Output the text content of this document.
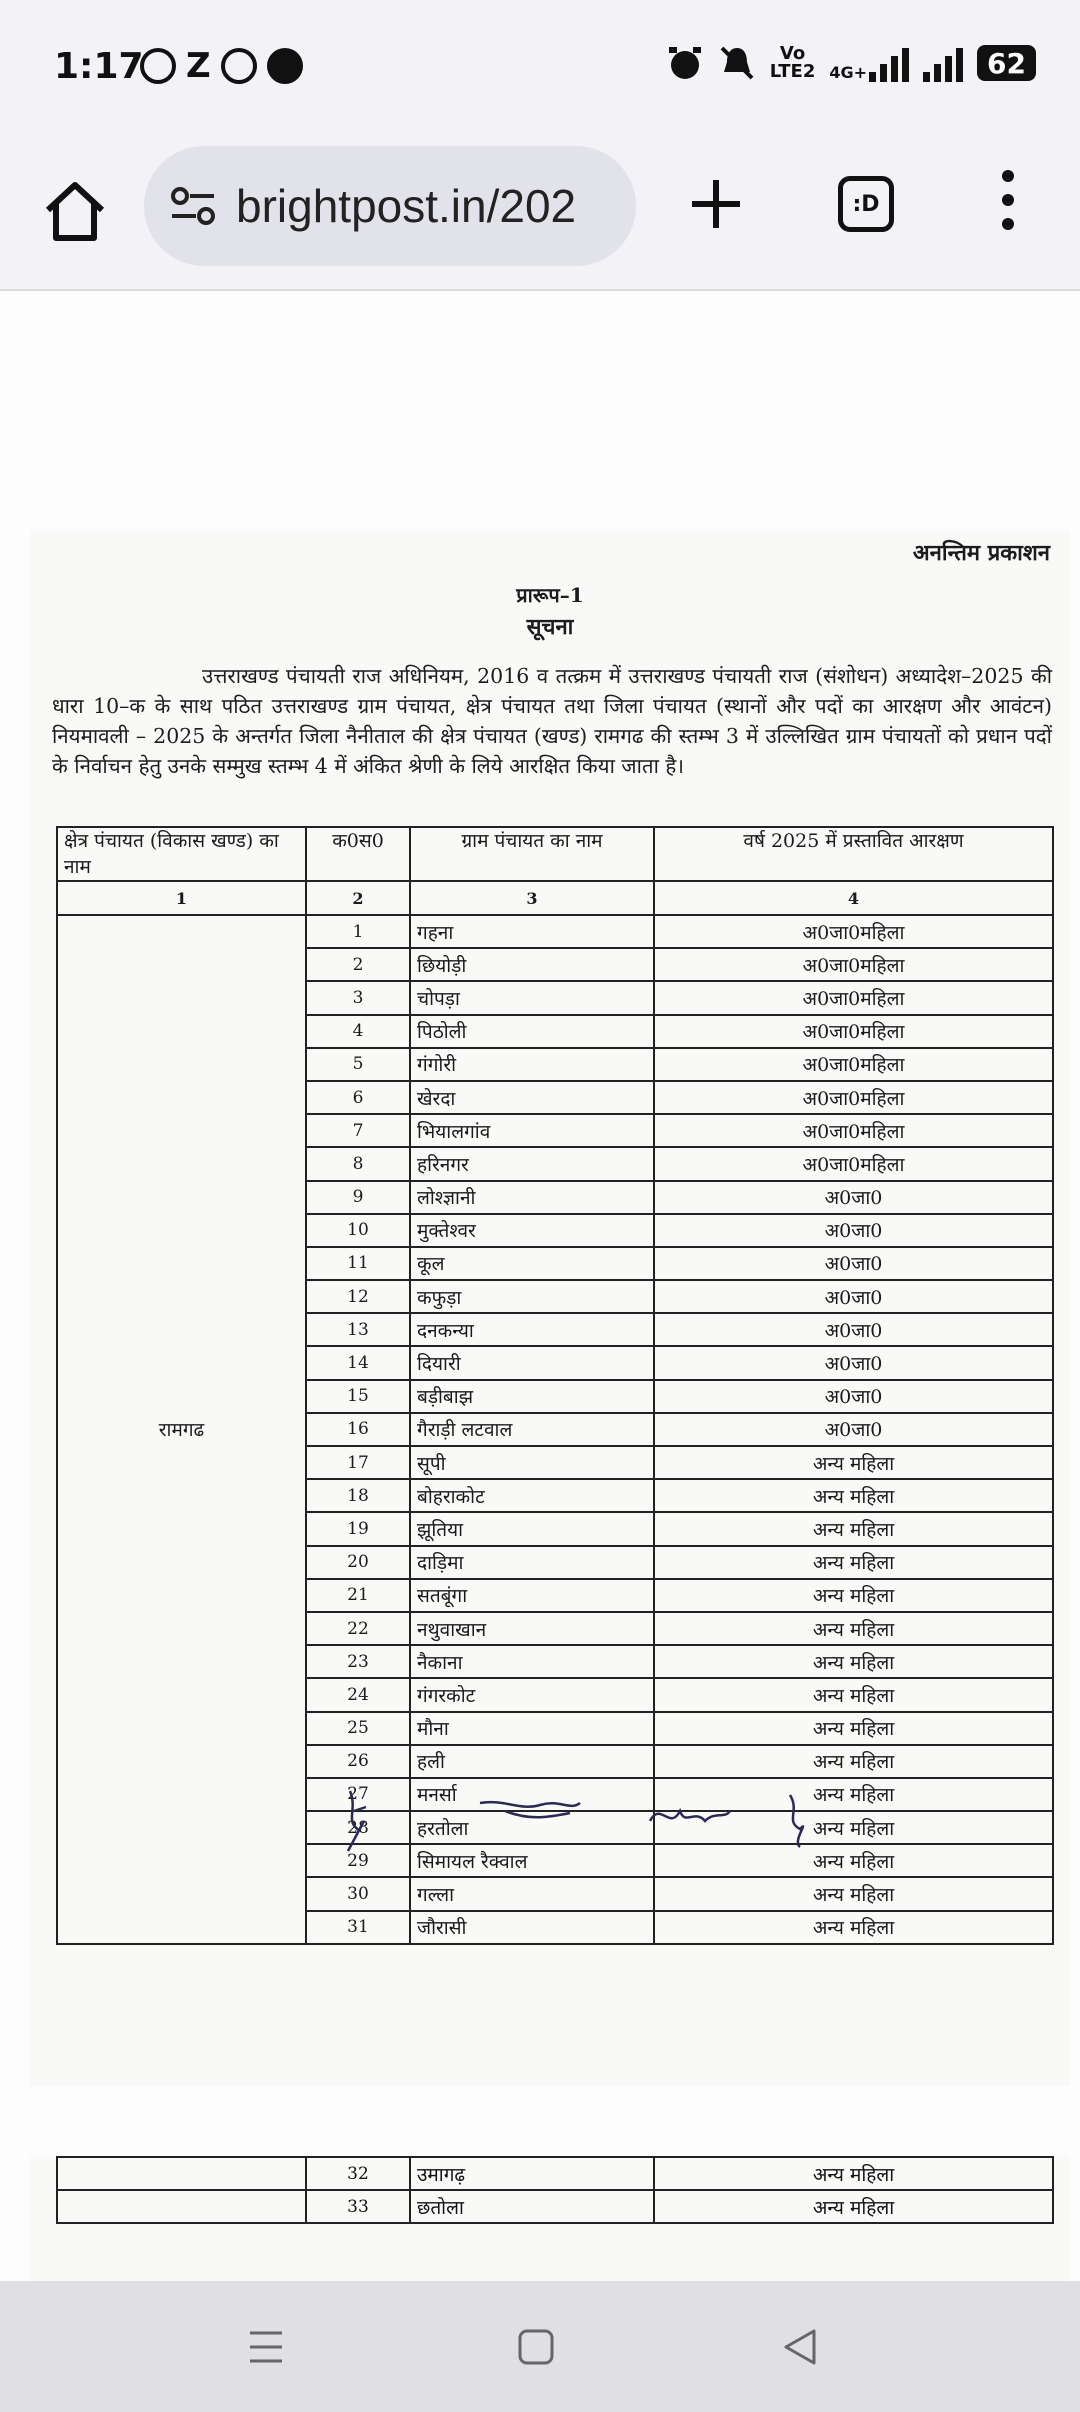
1:17 Z	Vo
LTE2 4G+	62
brightpost.in/202	:D
अनन्तिम प्रकाशन
प्रारूप–1
सूचना
उत्तराखण्ड पंचायती राज अधिनियम, 2016 व तत्क्रम में उत्तराखण्ड पंचायती राज (संशोधन) अध्यादेश–2025 की धारा 10–क के साथ पठित उत्तराखण्ड ग्राम पंचायत, क्षेत्र पंचायत तथा जिला पंचायत (स्थानों और पदों का आरक्षण और आवंटन) नियमावली – 2025 के अन्तर्गत जिला नैनीताल की क्षेत्र पंचायत (खण्ड) रामगढ की स्तम्भ 3 में उल्लिखित ग्राम पंचायतों को प्रधान पदों के निर्वाचन हेतु उनके सम्मुख स्तम्भ 4 में अंकित श्रेणी के लिये आरक्षित किया जाता है।
क्षेत्र पंचायत (विकास खण्ड) का नाम	क0स0	ग्राम पंचायत का नाम	वर्ष 2025 में प्रस्तावित आरक्षण
1	2	3	4
रामगढ	1	गहना	अ0जा0महिला
	2	छियोड़ी	अ0जा0महिला
	3	चोपड़ा	अ0जा0महिला
	4	पिठोली	अ0जा0महिला
	5	गंगोरी	अ0जा0महिला
	6	खेरदा	अ0जा0महिला
	7	भियालगांव	अ0जा0महिला
	8	हरिनगर	अ0जा0महिला
	9	लोश्ज्ञानी	अ0जा0
	10	मुक्तेश्वर	अ0जा0
	11	कूल	अ0जा0
	12	कफुड़ा	अ0जा0
	13	दनकन्या	अ0जा0
	14	दियारी	अ0जा0
	15	बड़ीबाझ	अ0जा0
	16	गैराड़ी लटवाल	अ0जा0
	17	सूपी	अन्य महिला
	18	बोहराकोट	अन्य महिला
	19	झूतिया	अन्य महिला
	20	दाड़िमा	अन्य महिला
	21	सतबूंगा	अन्य महिला
	22	नथुवाखान	अन्य महिला
	23	नैकाना	अन्य महिला
	24	गंगरकोट	अन्य महिला
	25	मौना	अन्य महिला
	26	हली	अन्य महिला
	27	मनर्सा	अन्य महिला
	28	हरतोला	अन्य महिला
	29	सिमायल रैक्वाल	अन्य महिला
	30	गल्ला	अन्य महिला
	31	जौरासी	अन्य महिला
	32	उमागढ़	अन्य महिला
	33	छतोला	अन्य महिला
